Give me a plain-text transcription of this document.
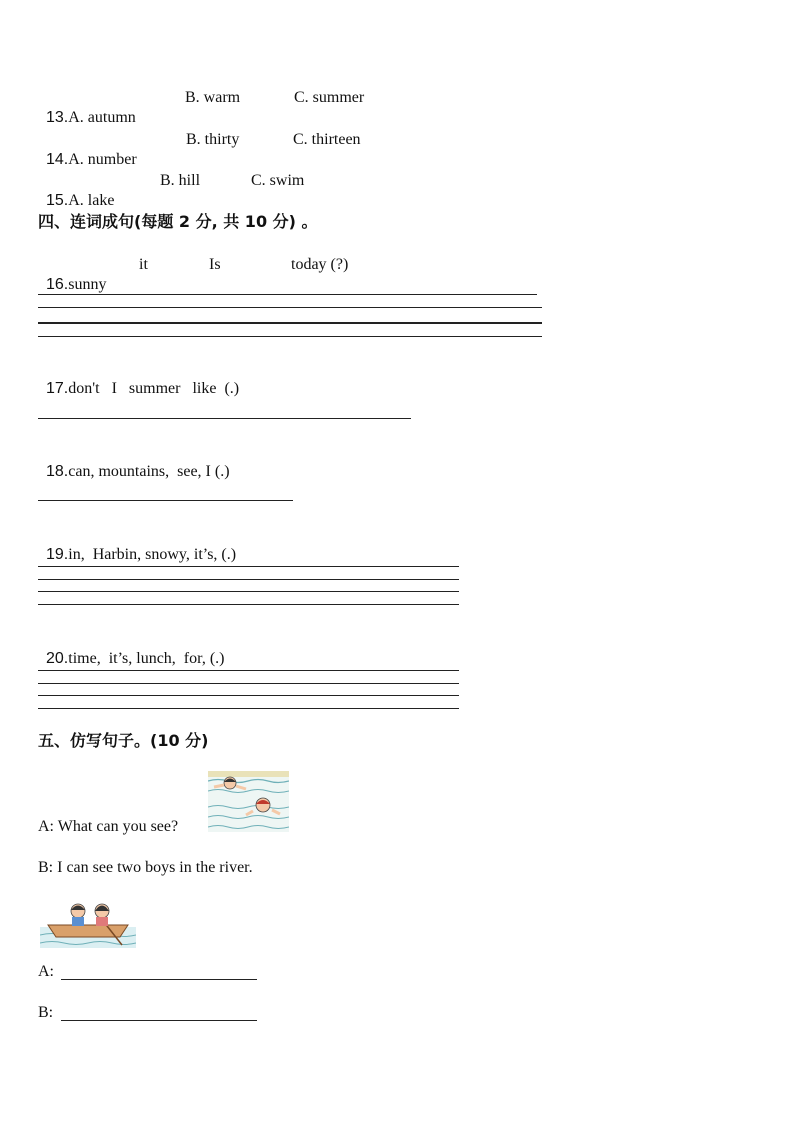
13.A. autumn

B. warm	C. summer

14.A. number

B. thirty	C. thirteen

15.A. lake

B. hill	C. swim
四、连词成句(每题 2 分, 共 10 分) 。

16.sunny

it	Is	today (?)

17.don't   I   summer   like  (.)

18.can, mountains,  see, I (.)

19.in,  Harbin, snowy, it’s, (.)

20.time,  it’s, lunch,  for, (.)

五、仿写句子。(10 分)
A: What can you see?
B: I can see two boys in the river.
A:
B:
